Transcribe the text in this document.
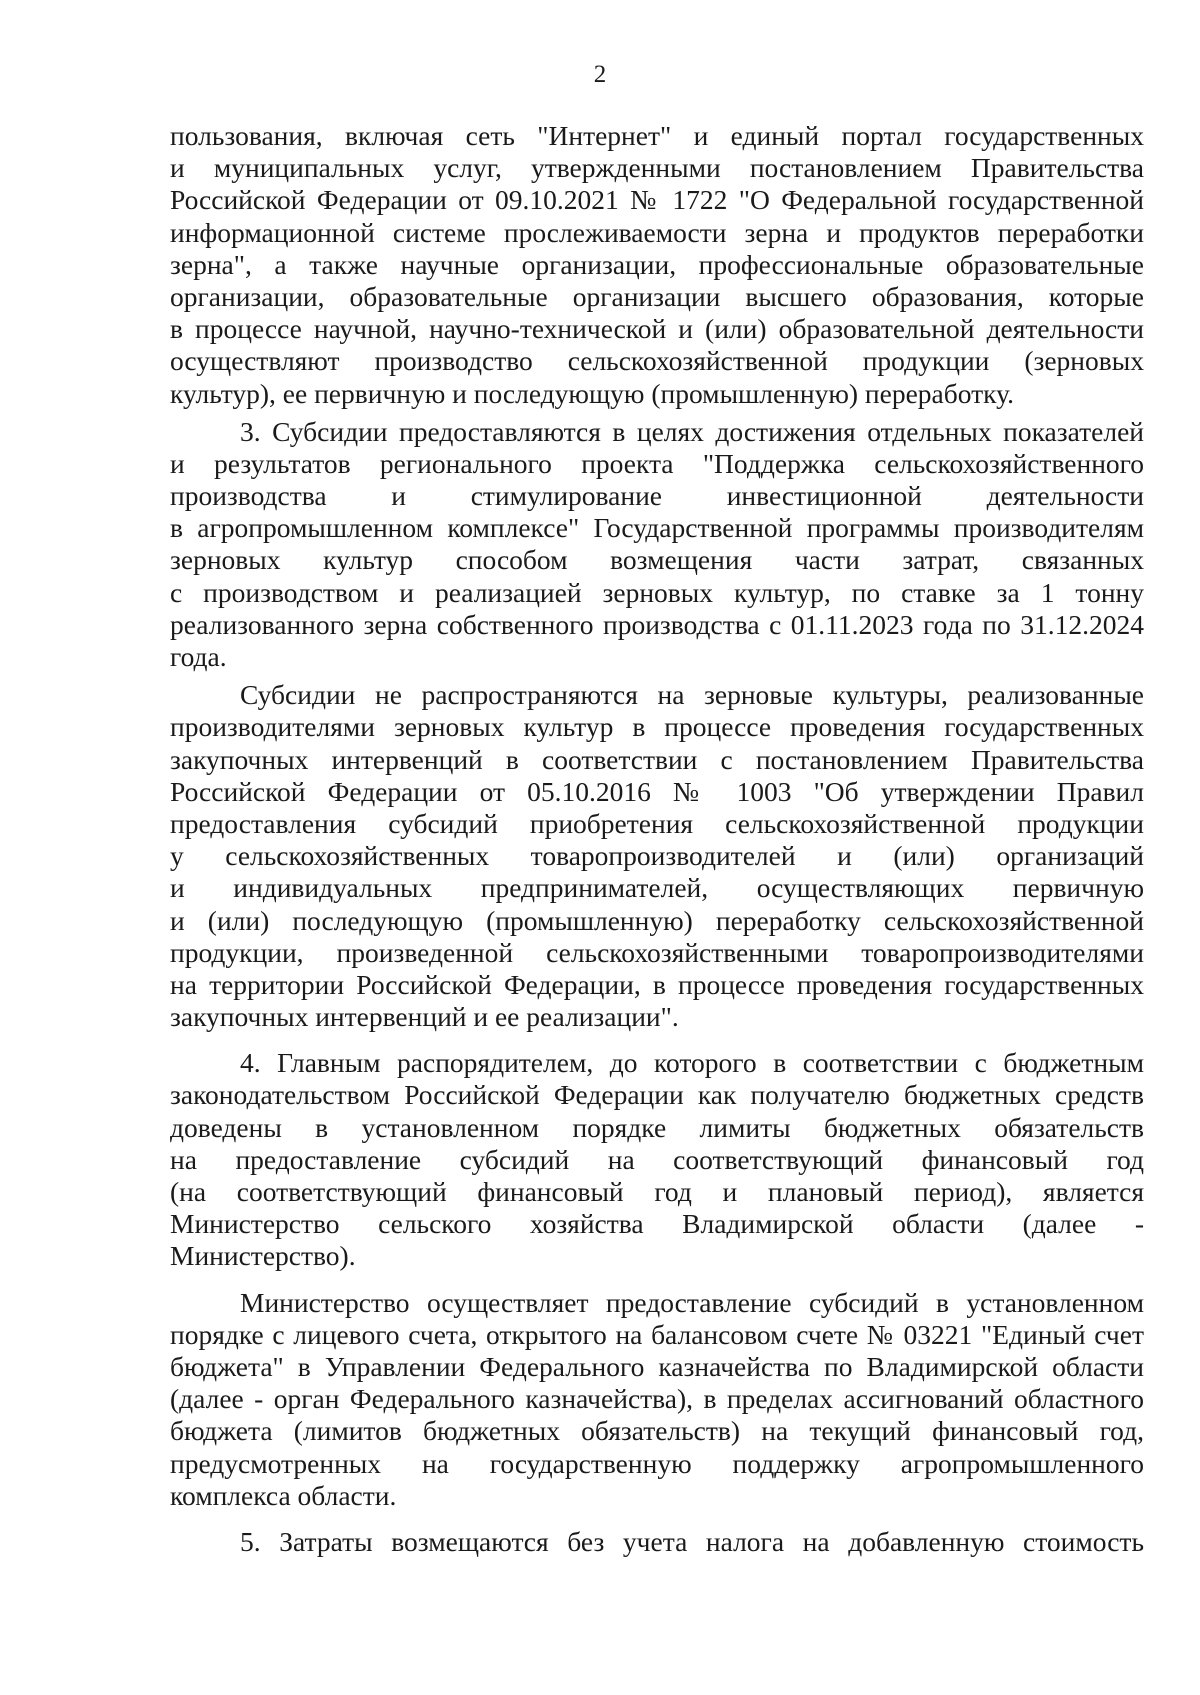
2
пользования, включая сеть "Интернет" и единый портал государственных
и муниципальных услуг, утвержденными постановлением Правительства
Российской Федерации от 09.10.2021 № 1722 "О Федеральной государственной
информационной системе прослеживаемости зерна и продуктов переработки
зерна", а также научные организации, профессиональные образовательные
организации, образовательные организации высшего образования, которые
в процессе научной, научно-технической и (или) образовательной деятельности
осуществляют производство сельскохозяйственной продукции (зерновых
культур), ее первичную и последующую (промышленную) переработку.
3. Субсидии предоставляются в целях достижения отдельных показателей
и результатов регионального проекта "Поддержка сельскохозяйственного
производства и стимулирование инвестиционной деятельности
в агропромышленном комплексе" Государственной программы производителям
зерновых культур способом возмещения части затрат, связанных
с производством и реализацией зерновых культур, по ставке за 1 тонну
реализованного зерна собственного производства с 01.11.2023 года по 31.12.2024
года.
Субсидии не распространяются на зерновые культуры, реализованные
производителями зерновых культур в процессе проведения государственных
закупочных интервенций в соответствии с постановлением Правительства
Российской Федерации от 05.10.2016 № 1003 "Об утверждении Правил
предоставления субсидий приобретения сельскохозяйственной продукции
у сельскохозяйственных товаропроизводителей и (или) организаций
и индивидуальных предпринимателей, осуществляющих первичную
и (или) последующую (промышленную) переработку сельскохозяйственной
продукции, произведенной сельскохозяйственными товаропроизводителями
на территории Российской Федерации, в процессе проведения государственных
закупочных интервенций и ее реализации".
4. Главным распорядителем, до которого в соответствии с бюджетным
законодательством Российской Федерации как получателю бюджетных средств
доведены в установленном порядке лимиты бюджетных обязательств
на предоставление субсидий на соответствующий финансовый год
(на соответствующий финансовый год и плановый период), является
Министерство сельского хозяйства Владимирской области (далее -
Министерство).
Министерство осуществляет предоставление субсидий в установленном
порядке с лицевого счета, открытого на балансовом счете № 03221 "Единый счет
бюджета" в Управлении Федерального казначейства по Владимирской области
(далее - орган Федерального казначейства), в пределах ассигнований областного
бюджета (лимитов бюджетных обязательств) на текущий финансовый год,
предусмотренных на государственную поддержку агропромышленного
комплекса области.
5. Затраты возмещаются без учета налога на добавленную стоимость
